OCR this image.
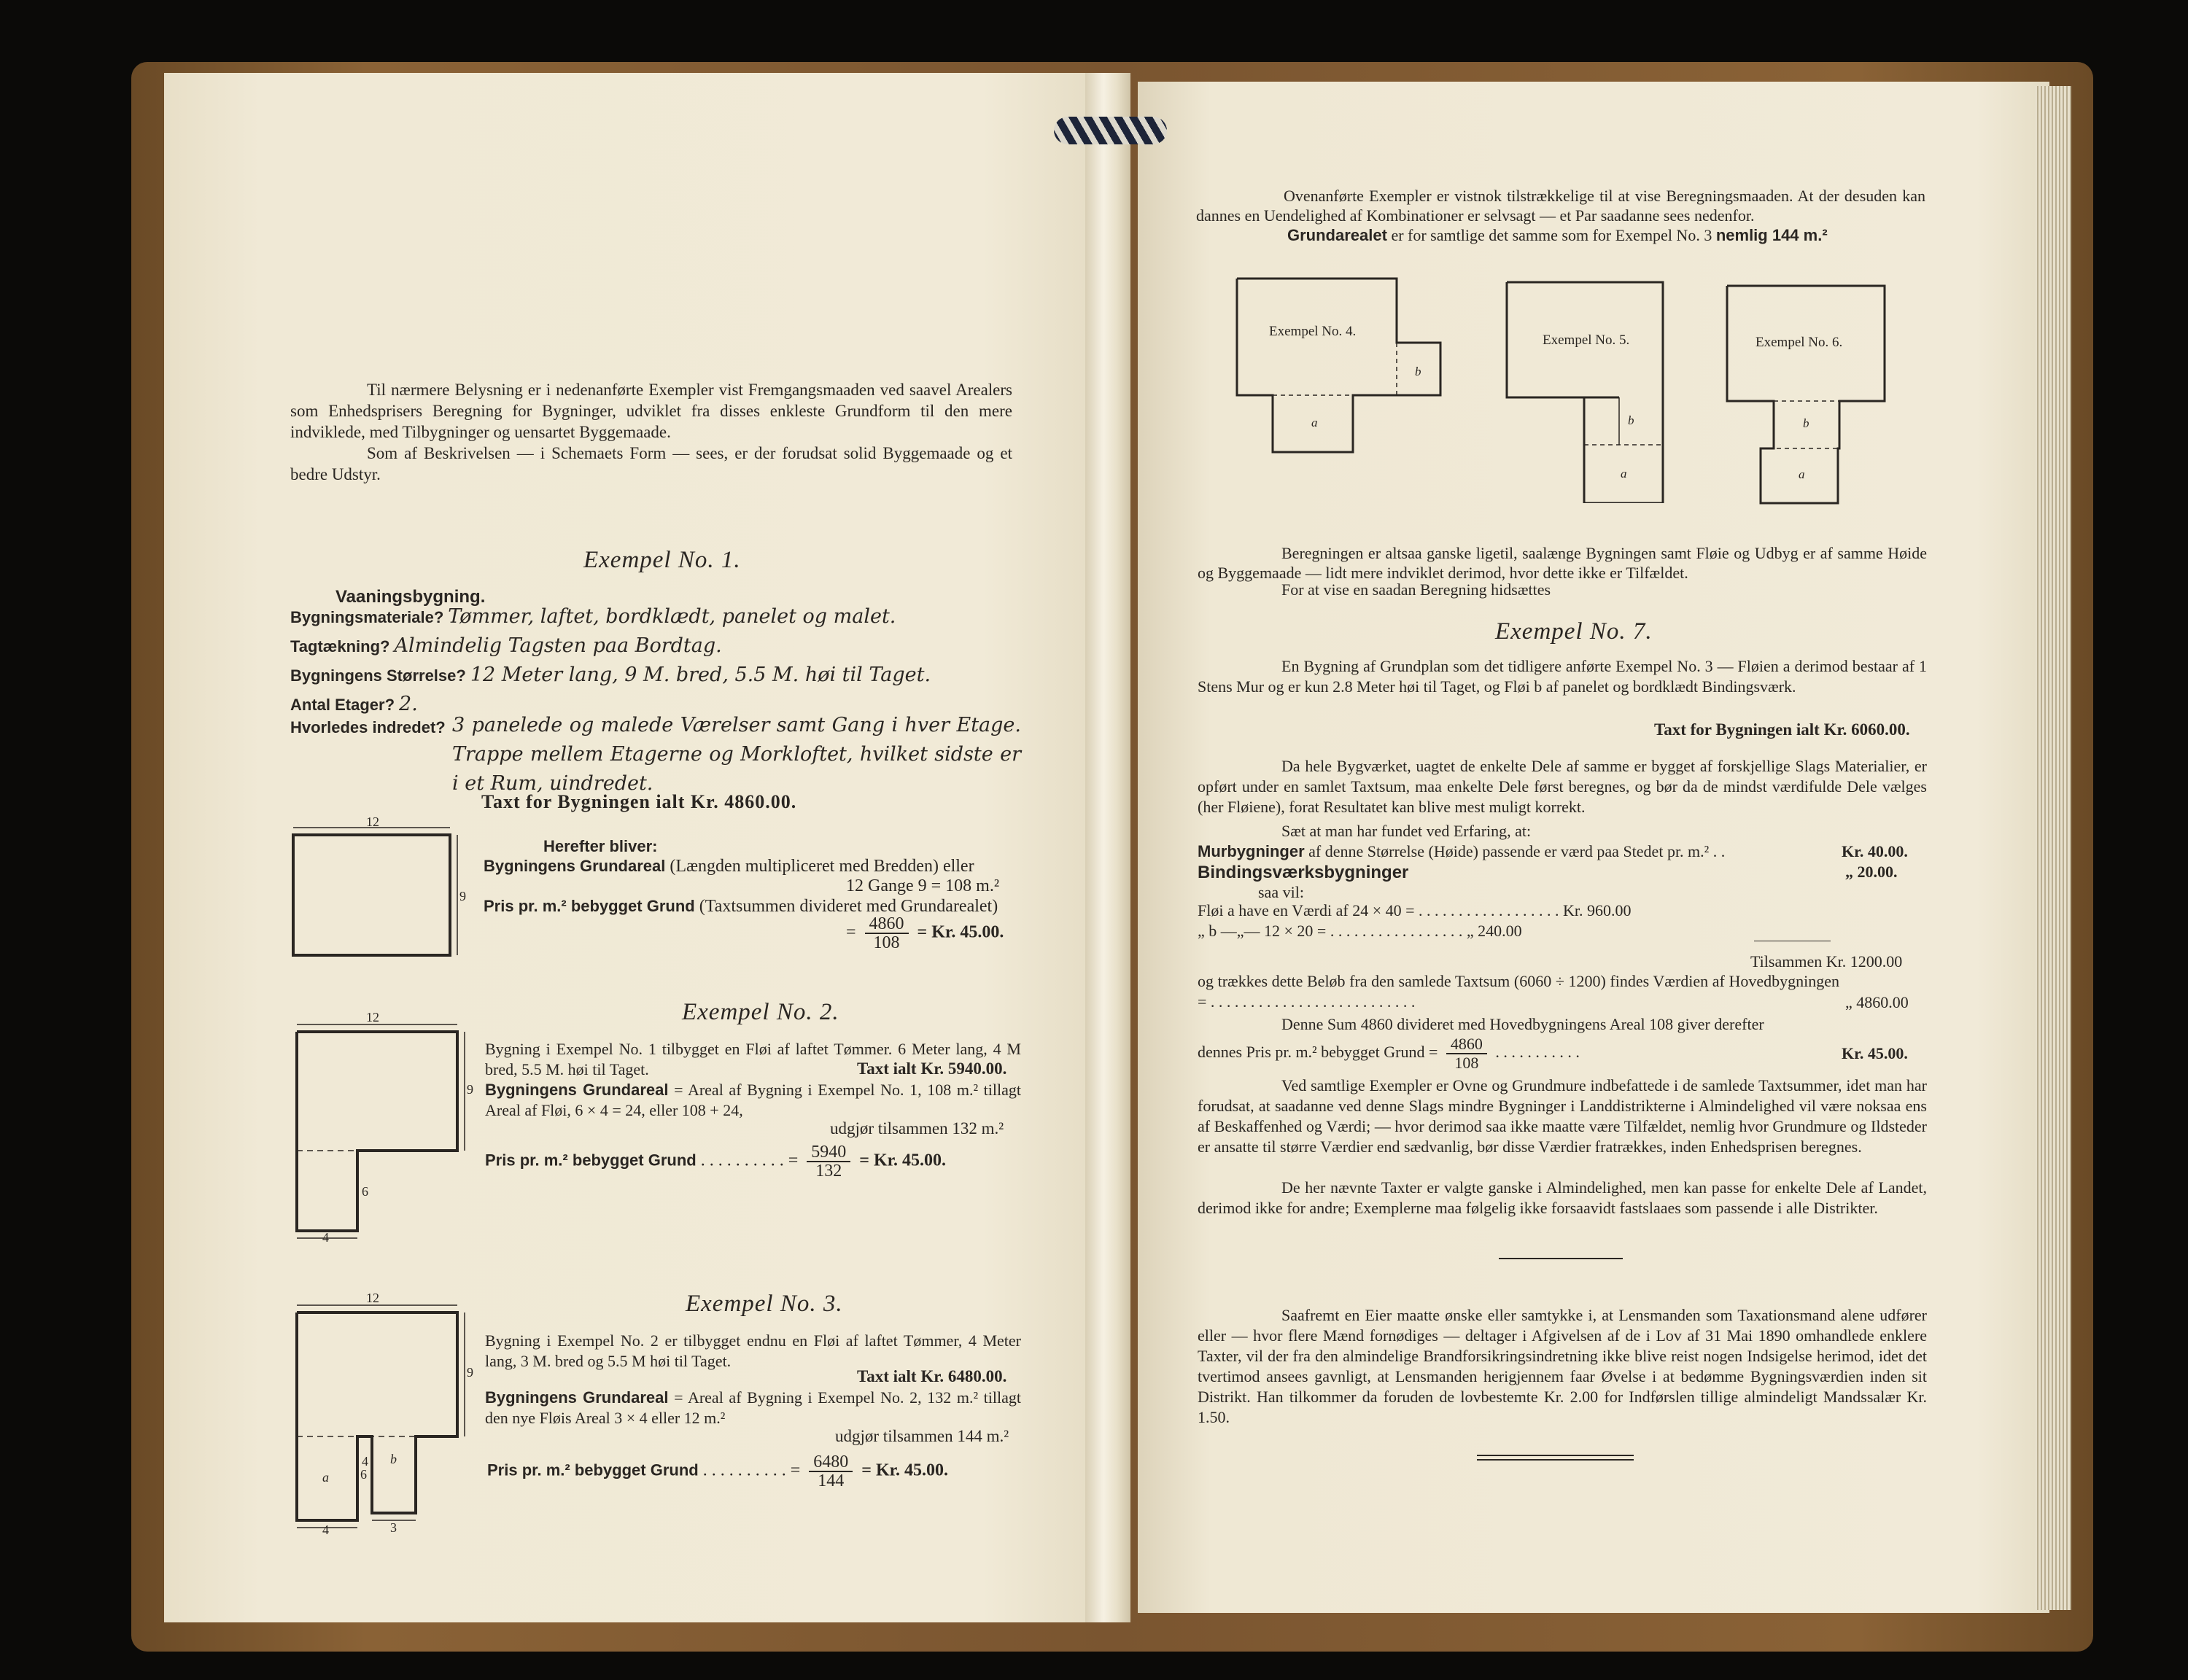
Til nærmere Belysning er i nedenanførte Exempler vist Fremgangsmaaden ved saavel Arealers som Enhedsprisers Beregning for Bygninger, udviklet fra disses enkleste Grundform til den mere indviklede, med Tilbygninger og uensartet Byggemaade.

Som af Beskrivelsen — i Schemaets Form — sees, er der forudsat solid Byggemaade og et bedre Udstyr.

Exempel No. 1.

Vaaningsbygning.

Bygningsmateriale? Tømmer, laftet, bordklædt, panelet og malet.
Tagtækning? Almindelig Tagsten paa Bordtag.
Bygningens Størrelse? 12 Meter lang, 9 M. bred, 5.5 M. høi til Taget.
Antal Etager? 2.
Hvorledes indredet? 3 panelede og malede Værelser samt Gang i hver Etage. Trappe mellem Etagerne og Morkloftet, hvilket sidste er i et Rum, uindredet.

Taxt for Bygningen ialt Kr. 4860.00.

12
9

Herefter bliver:

Bygningens Grundareal (Længden multipliceret med Bredden) eller

12 Gange 9 = 108 m.²

Pris pr. m.² bebygget Grund (Taxtsummen divideret med Grundarealet)
= $\frac{4860}{108} = Kr$. 45.00.

Exempel No. 2.

12
9
6
4

Bygning i Exempel No. 1 tilbygget en Fløi af laftet Tømmer. 6 Meter lang, 4 M bred, 5.5 M. høi til Taget.	Taxt ialt Kr. 5940.00.

Bygningens Grundareal = Areal af Bygning i Exempel No. 1, 108 m.² tillagt Areal af Fløi, 6 × 4 = 24, eller 108 + 24,

udgjør tilsammen 132 m.²

Pris pr. m.² bebygget Grund . . . . . . . . . . = $\frac{5940}{132} = Kr$. 45.00.

Exempel No. 3.

12
9
6
4
4	3
a
b

Bygning i Exempel No. 2 er tilbygget endnu en Fløi af laftet Tømmer, 4 Meter lang, 3 M. bred og 5.5 M høi til Taget.

Taxt ialt Kr. 6480.00.

Bygningens Grundareal = Areal af Bygning i Exempel No. 2, 132 m.² tillagt den nye Fløis Areal 3 × 4 eller 12 m.²

udgjør tilsammen 144 m.²

Pris pr. m.² bebygget Grund . . . . . . . . . . = $\frac{6480}{144} = Kr$. 45.00.

Ovenanførte Exempler er vistnok tilstrækkelige til at vise Beregningsmaaden. At der desuden kan dannes en Uendelighed af Kombinationer er selvsagt — et Par saadanne sees nedenfor.

Grundarealet er for samtlige det samme som for Exempel No. 3 nemlig 144 m.²
Exempel No. 4.
b
a
Exempel No. 5.
b
a
Exempel No. 6.
b
a

Beregningen er altsaa ganske ligetil, saalænge Bygningen samt Fløie og Udbyg er af samme Høide og Byggemaade — lidt mere indviklet derimod, hvor dette ikke er Tilfældet.

For at vise en saadan Beregning hidsættes

Exempel No. 7.

En Bygning af Grundplan som det tidligere anførte Exempel No. 3 — Fløien a derimod bestaar af 1 Stens Mur og er kun 2.8 Meter høi til Taget, og Fløi b af panelet og bordklædt Bindingsværk.

Taxt for Bygningen ialt Kr. 6060.00.

Da hele Bygværket, uagtet de enkelte Dele af samme er bygget af forskjellige Slags Materialier, er opført under en samlet Taxtsum, maa enkelte Dele først beregnes, og bør da de mindst værdifulde Dele vælges (her Fløiene), forat Resultatet kan blive mest muligt korrekt.

Sæt at man har fundet ved Erfaring, at:

Murbygninger af denne Størrelse (Høide) passende er værd paa Stedet pr. m.² . .	Kr. 40.00.

Bindingsværksbygninger	„ 20.00.

saa vil:

Fløi a have en Værdi af 24 × 40 = . . . . . . . . . . . . . . . . . . Kr. 960.00

„ b —„— 12 × 20 = . . . . . . . . . . . . . . . . . „ 240.00

Tilsammen Kr. 1200.00

og trækkes dette Beløb fra den samlede Taxtsum (6060 ÷ 1200) findes Værdien af Hovedbygningen = . . . . . . . . . . . . . . . . . . . . . . . . . .	„ 4860.00

Denne Sum 4860 divideret med Hovedbygningens Areal 108 giver derefter

dennes Pris pr. m.² bebygget Grund = $\frac{4860}{108}$ . . . . . . . . . . .	Kr. 45.00.

Ved samtlige Exempler er Ovne og Grundmure indbefattede i de samlede Taxtsummer, idet man har forudsat, at saadanne ved denne Slags mindre Bygninger i Landdistrikterne i Almindelighed vil være noksaa ens af Beskaffenhed og Værdi; — hvor derimod saa ikke maatte være Tilfældet, nemlig hvor Grundmure og Ildsteder er ansatte til større Værdier end sædvanlig, bør disse Værdier fratrækkes, inden Enhedsprisen beregnes.

De her nævnte Taxter er valgte ganske i Almindelighed, men kan passe for enkelte Dele af Landet, derimod ikke for andre; Exemplerne maa følgelig ikke forsaavidt fastslaaes som passende i alle Distrikter.

Saafremt en Eier maatte ønske eller samtykke i, at Lensmanden som Taxationsmand alene udfører eller — hvor flere Mænd fornødiges — deltager i Afgivelsen af de i Lov af 31 Mai 1890 omhandlede enklere Taxter, vil der fra den almindelige Brandforsikringsindretning ikke blive reist nogen Indsigelse herimod, idet det tvertimod ansees gavnligt, at Lensmanden herigjennem faar Øvelse i at bedømme Bygningsværdien inden sit Distrikt. Han tilkommer da foruden de lovbestemte Kr. 2.00 for Indførslen tillige almindeligt Mandssalær Kr. 1.50.
